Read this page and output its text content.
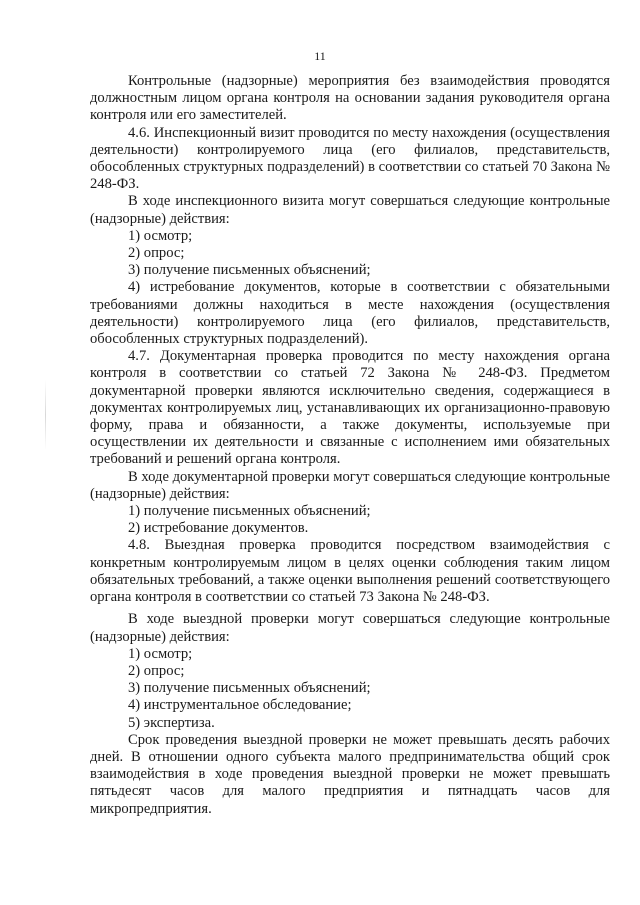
11

Контрольные (надзорные) мероприятия без взаимодействия проводятся должностным лицом органа контроля на основании задания руководителя органа контроля или его заместителей.

4.6. Инспекционный визит проводится по месту нахождения (осуществления деятельности) контролируемого лица (его филиалов, представительств, обособленных структурных подразделений) в соответствии со статьей 70 Закона № 248-ФЗ.

В ходе инспекционного визита могут совершаться следующие контрольные (надзорные) действия:

1) осмотр;

2) опрос;

3) получение письменных объяснений;

4) истребование документов, которые в соответствии с обязательными требованиями должны находиться в месте нахождения (осуществления деятельности) контролируемого лица (его филиалов, представительств, обособленных структурных подразделений).

4.7. Документарная проверка проводится по месту нахождения органа контроля в соответствии со статьей 72 Закона № 248-ФЗ. Предметом документарной проверки являются исключительно сведения, содержащиеся в документах контролируемых лиц, устанавливающих их организационно-правовую форму, права и обязанности, а также документы, используемые при осуществлении их деятельности и связанные с исполнением ими обязательных требований и решений органа контроля.

В ходе документарной проверки могут совершаться следующие контрольные (надзорные) действия:

1) получение письменных объяснений;

2) истребование документов.

4.8. Выездная проверка проводится посредством взаимодействия с конкретным контролируемым лицом в целях оценки соблюдения таким лицом обязательных требований, а также оценки выполнения решений соответствующего органа контроля в соответствии со статьей 73 Закона № 248-ФЗ.

В ходе выездной проверки могут совершаться следующие контрольные (надзорные) действия:

1) осмотр;

2) опрос;

3) получение письменных объяснений;

4) инструментальное обследование;

5) экспертиза.

Срок проведения выездной проверки не может превышать десять рабочих дней. В отношении одного субъекта малого предпринимательства общий срок взаимодействия в ходе проведения выездной проверки не может превышать пятьдесят часов для малого предприятия и пятнадцать часов для микропредприятия.
